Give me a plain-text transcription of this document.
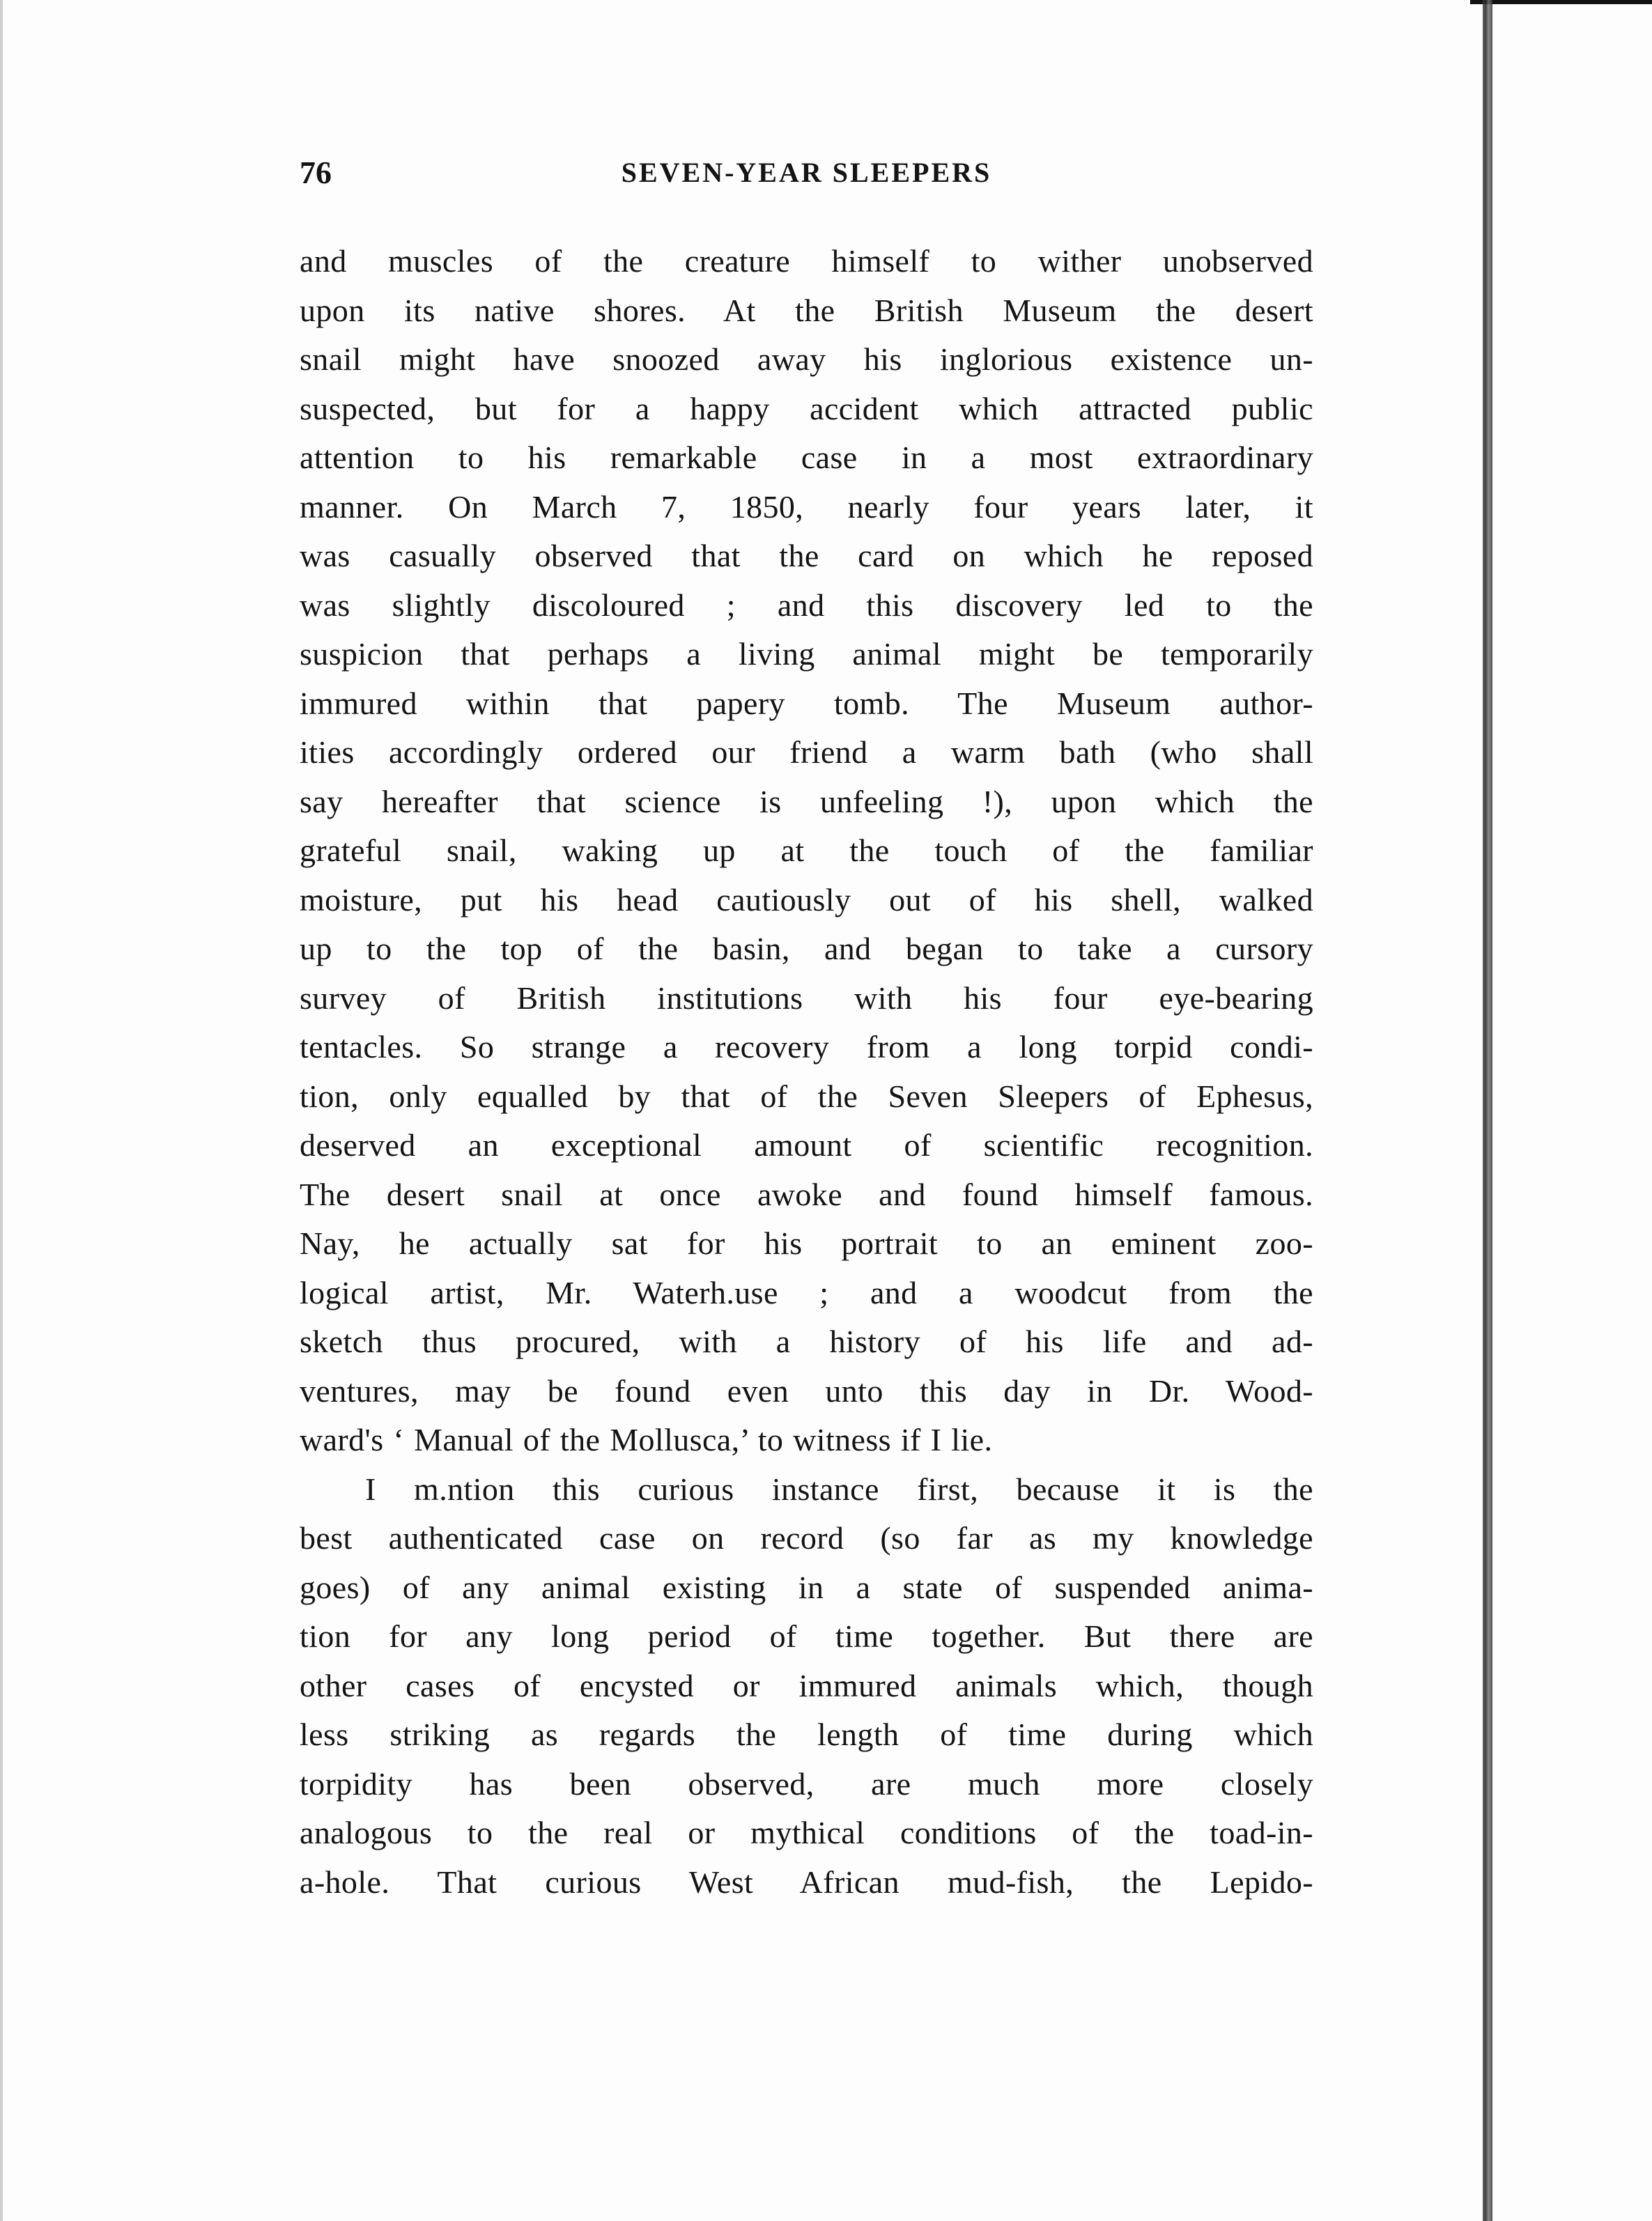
76	SEVEN-YEAR SLEEPERS
and muscles of the creature himself to wither unobserved
upon its native shores. At the British Museum the desert
snail might have snoozed away his inglorious existence un-
suspected, but for a happy accident which attracted public
attention to his remarkable case in a most extraordinary
manner. On March 7, 1850, nearly four years later, it
was casually observed that the card on which he reposed
was slightly discoloured ; and this discovery led to the
suspicion that perhaps a living animal might be temporarily
immured within that papery tomb. The Museum author-
ities accordingly ordered our friend a warm bath (who shall
say hereafter that science is unfeeling !), upon which the
grateful snail, waking up at the touch of the familiar
moisture, put his head cautiously out of his shell, walked
up to the top of the basin, and began to take a cursory
survey of British institutions with his four eye-bearing
tentacles. So strange a recovery from a long torpid condi-
tion, only equalled by that of the Seven Sleepers of Ephesus,
deserved an exceptional amount of scientific recognition.
The desert snail at once awoke and found himself famous.
Nay, he actually sat for his portrait to an eminent zoo-
logical artist, Mr. Waterh.use ; and a woodcut from the
sketch thus procured, with a history of his life and ad-
ventures, may be found even unto this day in Dr. Wood-
ward's ‘ Manual of the Mollusca,’ to witness if I lie.
I m.ntion this curious instance first, because it is the
best authenticated case on record (so far as my knowledge
goes) of any animal existing in a state of suspended anima-
tion for any long period of time together. But there are
other cases of encysted or immured animals which, though
less striking as regards the length of time during which
torpidity has been observed, are much more closely
analogous to the real or mythical conditions of the toad-in-
a-hole. That curious West African mud-fish, the Lepido-
